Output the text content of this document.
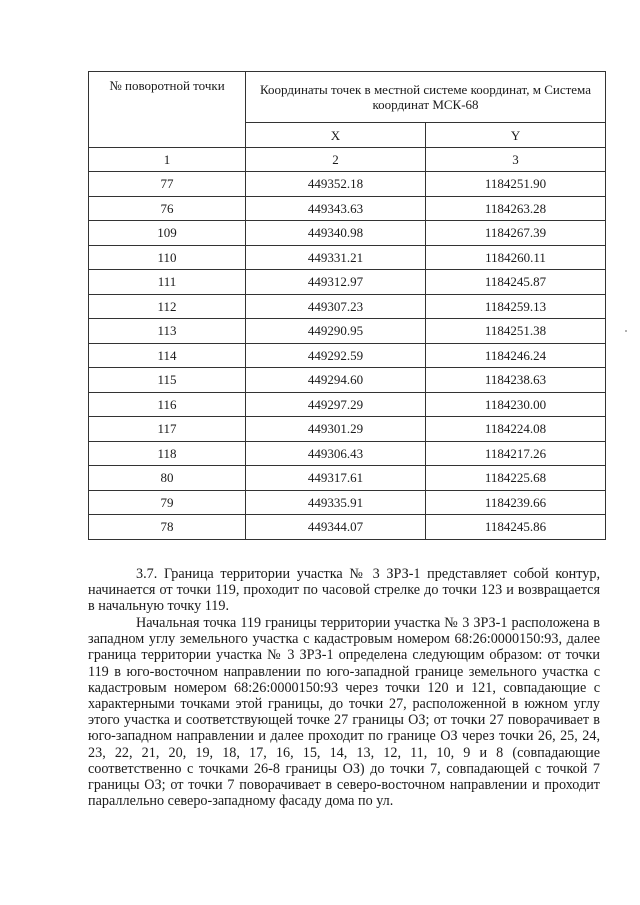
№ поворотной точки	Координаты точек в местной системе координат, м Система координат МСК-68	
	X	Y
1	2	3
77	449352.18	1184251.90
76	449343.63	1184263.28
109	449340.98	1184267.39
110	449331.21	1184260.11
111	449312.97	1184245.87
112	449307.23	1184259.13
113	449290.95	1184251.38
114	449292.59	1184246.24
115	449294.60	1184238.63
116	449297.29	1184230.00
117	449301.29	1184224.08
118	449306.43	1184217.26
80	449317.61	1184225.68
79	449335.91	1184239.66
78	449344.07	1184245.86
3.7. Граница территории участка № 3 ЗРЗ-1 представляет собой контур, начинается от точки 119, проходит по часовой стрелке до точки 123 и возвращается в начальную точку 119.
Начальная точка 119 границы территории участка № 3 ЗРЗ-1 расположена в западном углу земельного участка с кадастровым номером 68:26:0000150:93, далее граница территории участка № 3 ЗРЗ-1 определена следующим образом: от точки 119 в юго-восточном направлении по юго-западной границе земельного участка с кадастровым номером 68:26:0000150:93 через точки 120 и 121, совпадающие с характерными точками этой границы, до точки 27, расположенной в южном углу этого участка и соответствующей точке 27 границы ОЗ; от точки 27 поворачивает в юго-западном направлении и далее проходит по границе ОЗ через точки 26, 25, 24, 23, 22, 21, 20, 19, 18, 17, 16, 15, 14, 13, 12, 11, 10, 9 и 8 (совпадающие соответственно с точками 26-8 границы ОЗ) до точки 7, совпадающей с точкой 7 границы ОЗ; от точки 7 поворачивает в северо-восточном направлении и проходит параллельно северо-западному фасаду дома по ул.
